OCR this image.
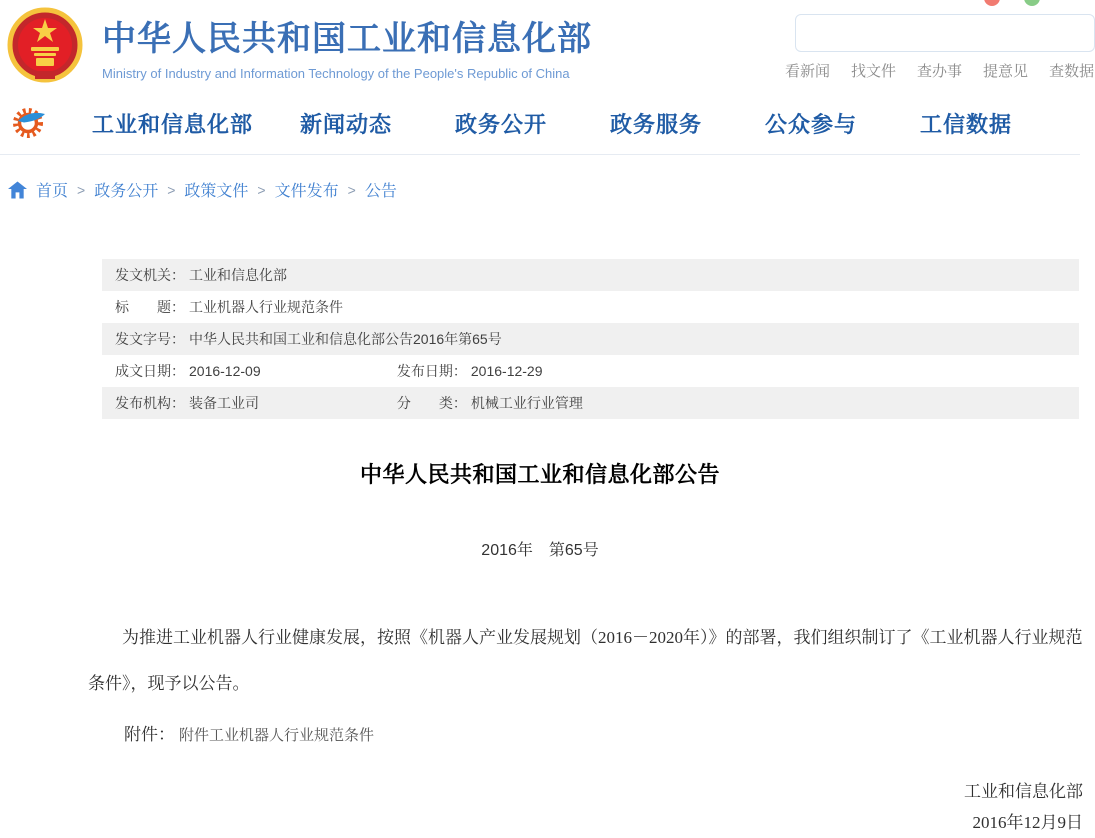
中华人民共和国工业和信息化部
Ministry of Industry and Information Technology of the People's Republic of China	看新闻 找文件 查办事 提意见 查数据
工业和信息化部 新闻动态	政务公开	政务服务	公众参与	工信数据
首页 > 政务公开 > 政策文件 > 文件发布 > 公告
发文机关： 工业和信息化部
标　　题： 工业机器人行业规范条件
发文字号： 中华人民共和国工业和信息化部公告2016年第65号
成文日期： 2016-12-09	发布日期： 2016-12-29
发布机构： 装备工业司	分　　类： 机械工业行业管理
中华人民共和国工业和信息化部公告
2016年　第65号

为推进工业机器人行业健康发展，按照《机器人产业发展规划（2016－2020年）》的部署，我们组织制订了《工业机器人行业规范条件》，现予以公告。

附件： 附件工业机器人行业规范条件
工业和信息化部
2016年12月9日
